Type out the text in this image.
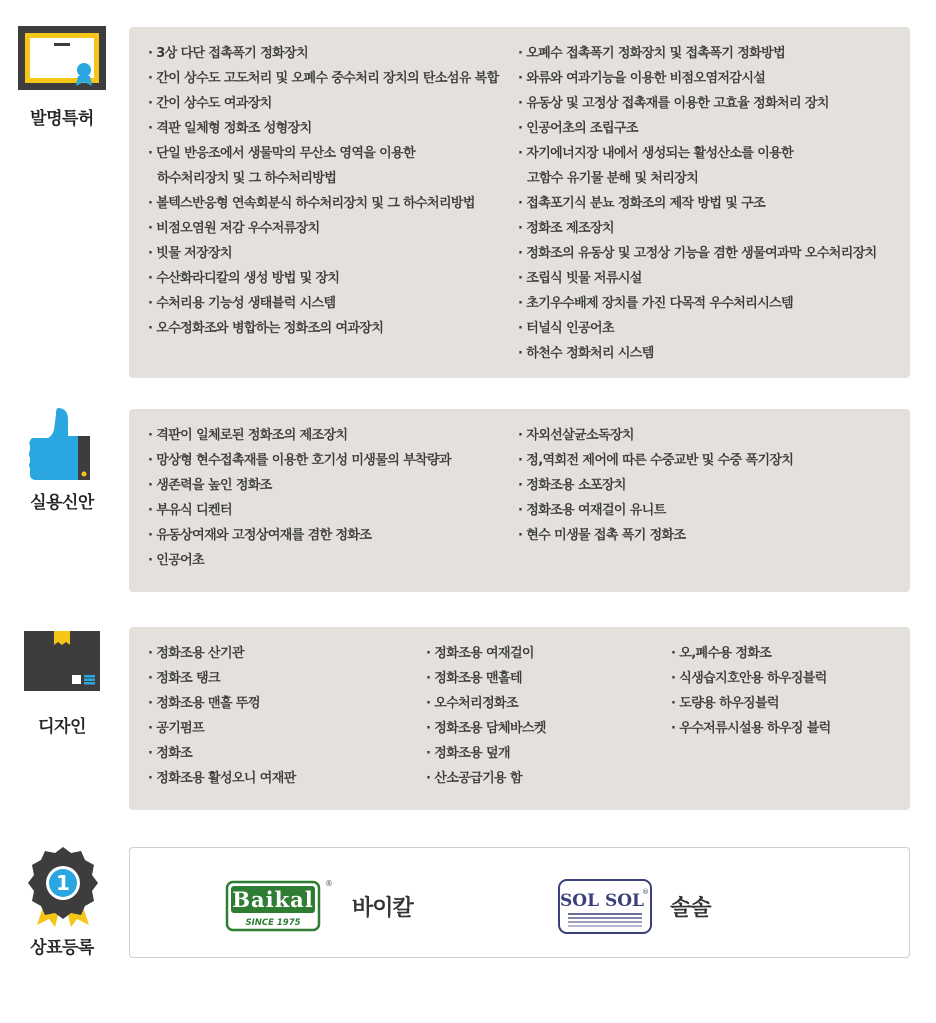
발명특허
· 3상 다단 접촉폭기 정화장치
· 간이 상수도 고도처리 및 오폐수 중수처리 장치의 탄소섬유 복합
· 간이 상수도 여과장치
· 격판 일체형 정화조 성형장치
· 단일 반응조에서 생물막의 무산소 영역을 이용한
하수처리장치 및 그 하수처리방법
· 볼텍스반응형 연속회분식 하수처리장치 및 그 하수처리방법
· 비점오염원 저감 우수저류장치
· 빗물 저장장치
· 수산화라디칼의 생성 방법 및 장치
· 수처리용 기능성 생태블럭 시스템
· 오수정화조와 병합하는 정화조의 여과장치
· 오폐수 접촉폭기 정화장치 및 접촉폭기 정화방법
· 와류와 여과기능을 이용한 비점오염저감시설
· 유동상 및 고정상 접촉재를 이용한 고효율 정화처리 장치
· 인공어초의 조립구조
· 자기에너지장 내에서 생성되는 활성산소를 이용한
고함수 유기물 분해 및 처리장치
· 접촉포기식 분뇨 정화조의 제작 방법 및 구조
· 정화조 제조장치
· 정화조의 유동상 및 고정상 기능을 겸한 생물여과막 오수처리장치
· 조립식 빗물 저류시설
· 초기우수배제 장치를 가진 다목적 우수처리시스템
· 터널식 인공어초
· 하천수 정화처리 시스템
실용신안
· 격판이 일체로된 정화조의 제조장치
· 망상형 현수접촉재를 이용한 호기성 미생물의 부착량과
· 생존력을 높인 정화조
· 부유식 디켄터
· 유동상여재와 고정상여재를 겸한 정화조
· 인공어초
· 자외선살균소독장치
· 정,역회전 제어에 따른 수중교반 및 수중 폭기장치
· 정화조용 소포장치
· 정화조용 여재걸이 유니트
· 현수 미생물 접촉 폭기 정화조
디자인
· 정화조용 산기관
· 정화조 탱크
· 정화조용 맨홀 뚜껑
· 공기펌프
· 정화조
· 정화조용 활성오니 여재판
· 정화조용 여재걸이
· 정화조용 맨홀테
· 오수처리정화조
· 정화조용 담체바스켓
· 정화조용 덮개
· 산소공급기용 함
· 오,폐수용 정화조
· 식생습지호안용 하우징블럭
· 도량용 하우징블럭
· 우수저류시설용 하우징 블럭
1
상표등록
Baikal
SINCE 1975
®
바이칼	SOL SOL
®
솔솔
